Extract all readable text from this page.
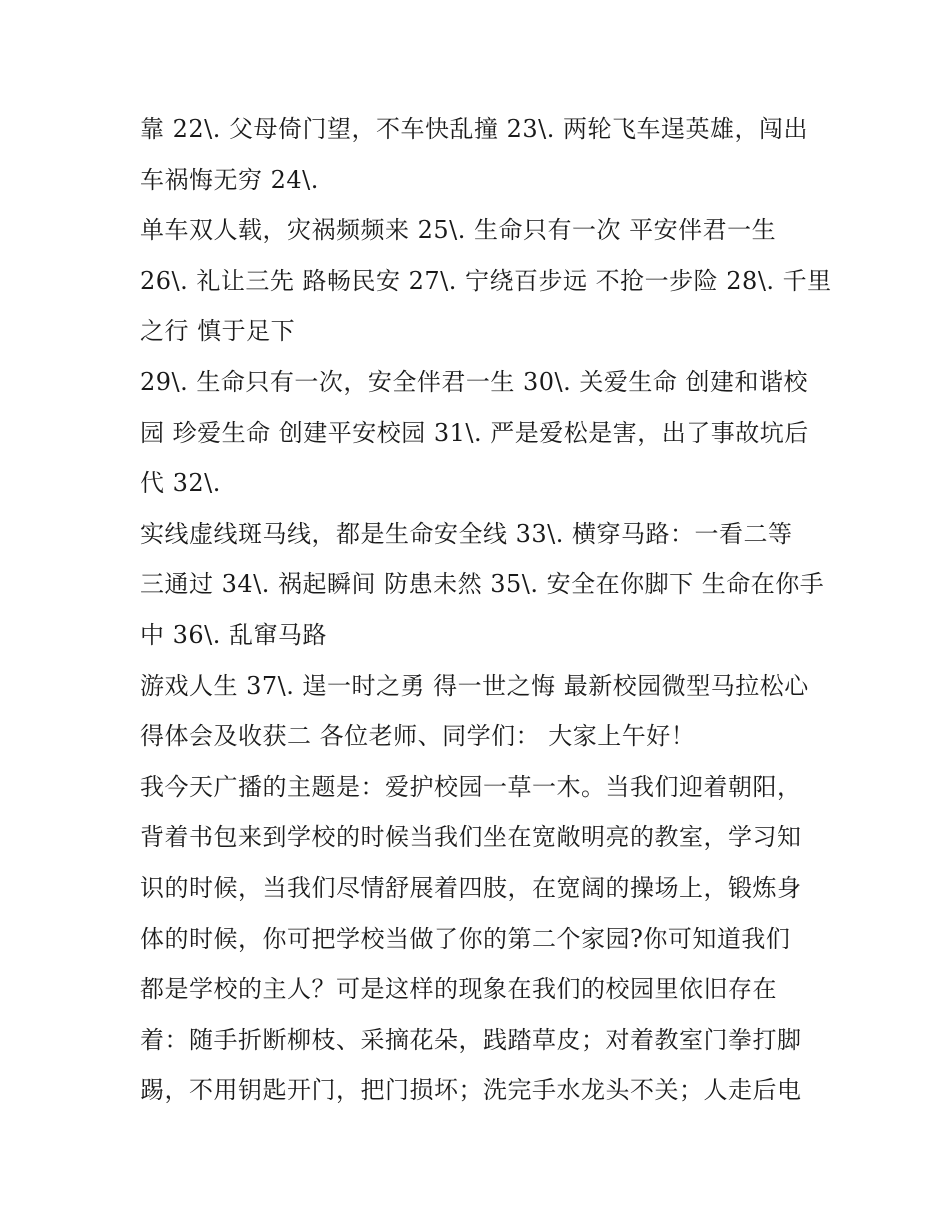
靠 22\. 父母倚门望，不车快乱撞 23\. 两轮飞车逞英雄，闯出
车祸悔无穷 24\.
单车双人载，灾祸频频来 25\. 生命只有一次 平安伴君一生
26\. 礼让三先 路畅民安 27\. 宁绕百步远 不抢一步险 28\. 千里
之行 慎于足下
29\. 生命只有一次，安全伴君一生 30\. 关爱生命 创建和谐校
园 珍爱生命 创建平安校园 31\. 严是爱松是害，出了事故坑后
代 32\.
实线虚线斑马线，都是生命安全线 33\. 横穿马路：一看二等
三通过 34\. 祸起瞬间 防患未然 35\. 安全在你脚下 生命在你手
中 36\. 乱窜马路
游戏人生 37\. 逞一时之勇 得一世之悔 最新校园微型马拉松心
得体会及收获二 各位老师、同学们： 大家上午好！
我今天广播的主题是：爱护校园一草一木。当我们迎着朝阳，
背着书包来到学校的时候当我们坐在宽敞明亮的教室，学习知
识的时候，当我们尽情舒展着四肢，在宽阔的操场上，锻炼身
体的时候，你可把学校当做了你的第二个家园?你可知道我们
都是学校的主人？可是这样的现象在我们的校园里依旧存在
着：随手折断柳枝、采摘花朵，践踏草皮；对着教室门拳打脚
踢，不用钥匙开门，把门损坏；洗完手水龙头不关；人走后电
